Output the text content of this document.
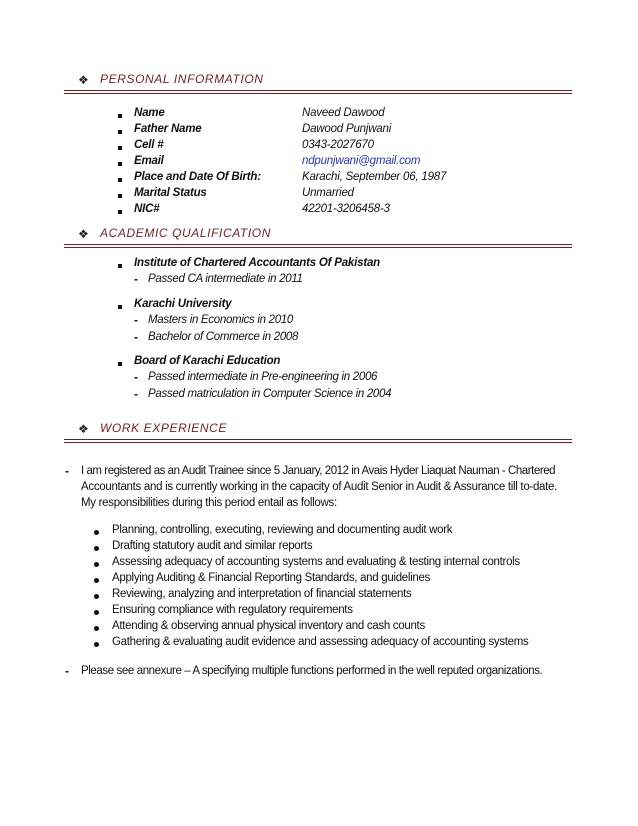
❖ PERSONAL INFORMATION
Name	Naveed Dawood
Father Name	Dawood Punjwani
Cell #	0343-2027670
Email	ndpunjwani@gmail.com
Place and Date Of Birth:	Karachi, September 06, 1987
Marital Status	Unmarried
NIC#	42201-3206458-3
❖ ACADEMIC QUALIFICATION
Institute of Chartered Accountants Of Pakistan
- Passed CA intermediate in 2011
Karachi University
- Masters in Economics in 2010
- Bachelor of Commerce in 2008
Board of Karachi Education
- Passed intermediate in Pre-engineering in 2006
- Passed matriculation in Computer Science in 2004
❖ WORK EXPERIENCE
- I am registered as an Audit Trainee since 5 January, 2012 in Avais Hyder Liaquat Nauman - Chartered
Accountants and is currently working in the capacity of Audit Senior in Audit & Assurance till to-date.
My responsibilities during this period entail as follows:
Planning, controlling, executing, reviewing and documenting audit work
Drafting statutory audit and similar reports
Assessing adequacy of accounting systems and evaluating & testing internal controls
Applying Auditing & Financial Reporting Standards, and guidelines
Reviewing, analyzing and interpretation of financial statements
Ensuring compliance with regulatory requirements
Attending & observing annual physical inventory and cash counts
Gathering & evaluating audit evidence and assessing adequacy of accounting systems
- Please see annexure – A specifying multiple functions performed in the well reputed organizations.
